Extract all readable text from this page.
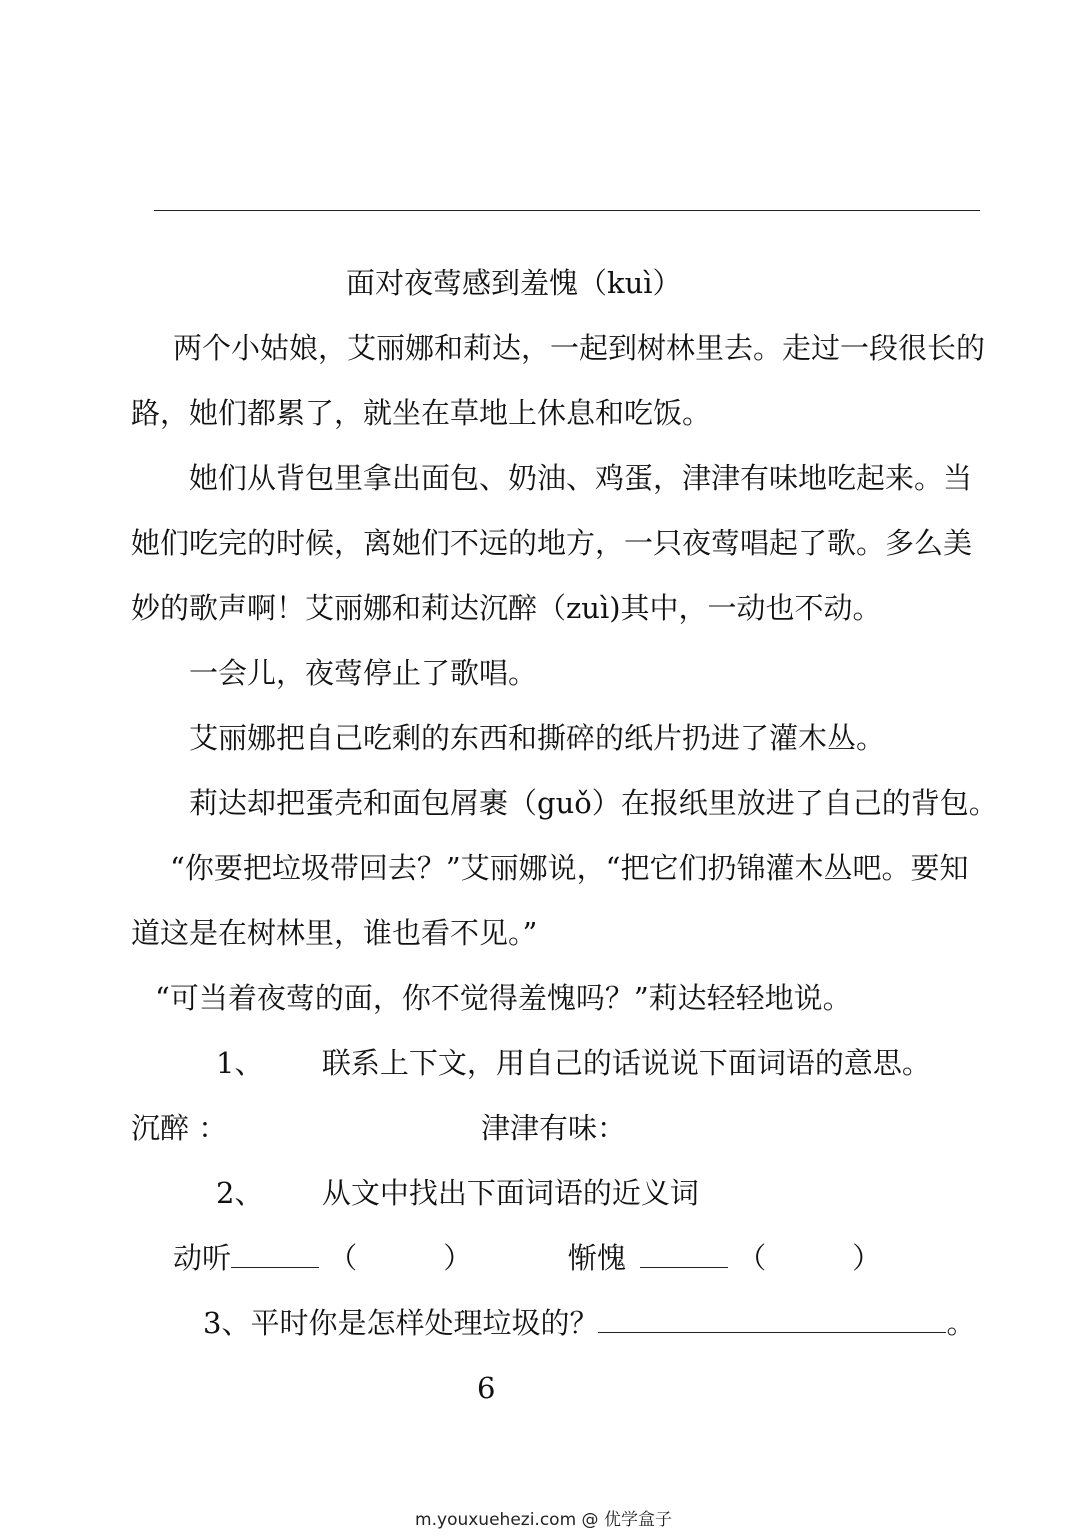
面对夜莺感到羞愧（kuì）
两个小姑娘，艾丽娜和莉达，一起到树林里去。走过一段很长的
路，她们都累了，就坐在草地上休息和吃饭。
她们从背包里拿出面包、奶油、鸡蛋，津津有味地吃起来。当
她们吃完的时候，离她们不远的地方，一只夜莺唱起了歌。多么美
妙的歌声啊！艾丽娜和莉达沉醉（zuì)其中，一动也不动。
一会儿，夜莺停止了歌唱。
艾丽娜把自己吃剩的东西和撕碎的纸片扔进了灌木丛。
莉达却把蛋壳和面包屑裹（guǒ）在报纸里放进了自己的背包。
“你要把垃圾带回去？”艾丽娜说，“把它们扔锦灌木丛吧。要知
道这是在树林里，谁也看不见。”
“可当着夜莺的面，你不觉得羞愧吗？”莉达轻轻地说。
1、 联系上下文，用自己的话说说下面词语的意思。
沉醉 ：	津津有味：
2、 从文中找出下面词语的近义词
动听	（	）	惭愧	（	）
3、平时你是怎样处理垃圾的？	。
6
m.youxuehezi.com @ 优学盒子
